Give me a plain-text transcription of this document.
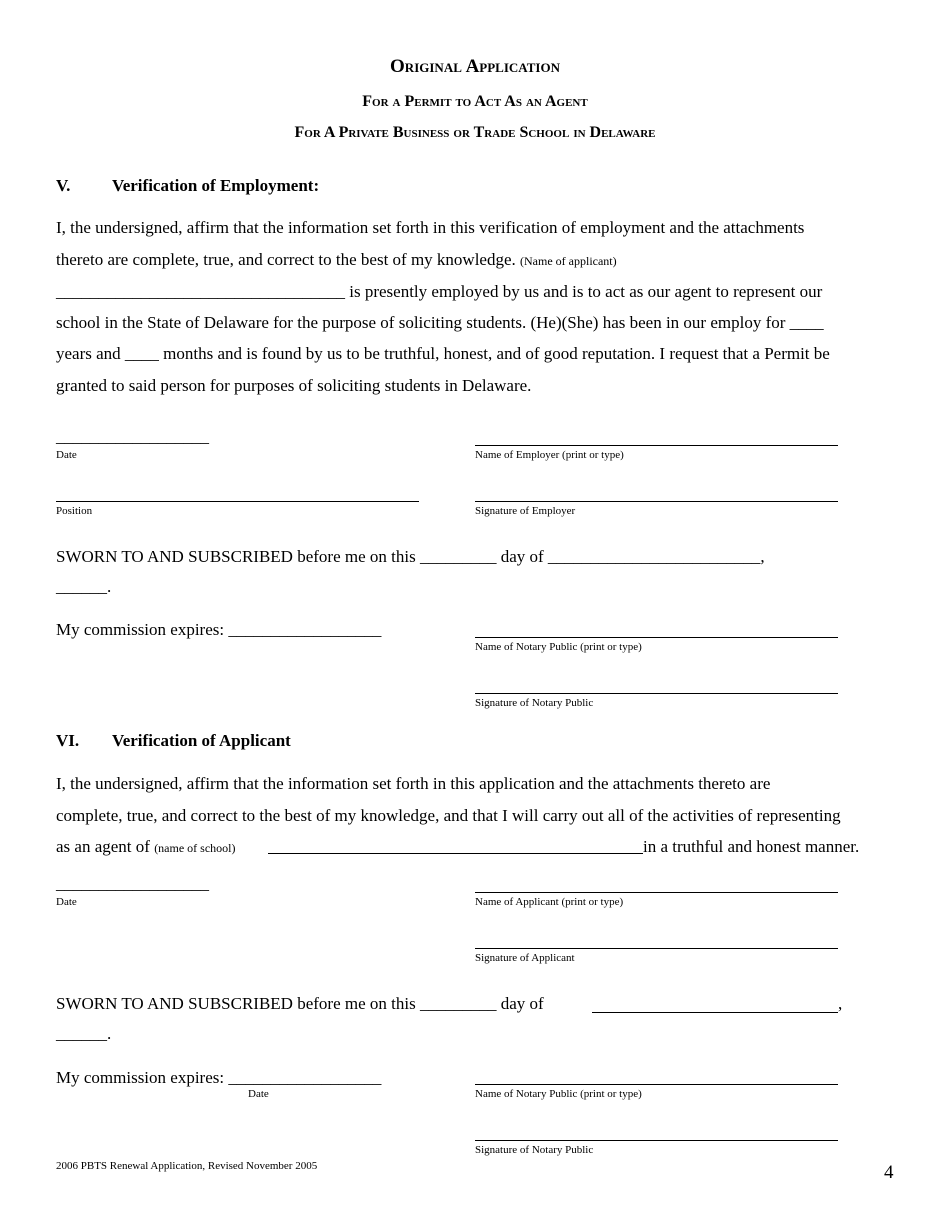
Original Application
For a Permit to Act As an Agent
For A Private Business or Trade School in Delaware
V. Verification of Employment:
I, the undersigned, affirm that the information set forth in this verification of employment and the attachments
thereto are complete, true, and correct to the best of my knowledge. (Name of applicant)
__________________________________ is presently employed by us and is to act as our agent to represent our
school in the State of Delaware for the purpose of soliciting students. (He)(She) has been in our employ for ____
years and ____ months and is found by us to be truthful, honest, and of good reputation. I request that a Permit be
granted to said person for purposes of soliciting students in Delaware.
__________________
Date	Name of Employer (print or type)
Position	Signature of Employer
SWORN TO AND SUBSCRIBED before me on this _________ day of _________________________,
______.
My commission expires: __________________
Name of Notary Public (print or type)
Signature of Notary Public
VI. Verification of Applicant
I, the undersigned, affirm that the information set forth in this application and the attachments thereto are
complete, true, and correct to the best of my knowledge, and that I will carry out all of the activities of representing
as an agent of (name of school)	in a truthful and honest manner.
__________________
Date	Name of Applicant (print or type)
Signature of Applicant
SWORN TO AND SUBSCRIBED before me on this _________ day of	,
______.
My commission expires: __________________
Date	Name of Notary Public (print or type)
Signature of Notary Public
2006 PBTS Renewal Application, Revised November 2005	4
